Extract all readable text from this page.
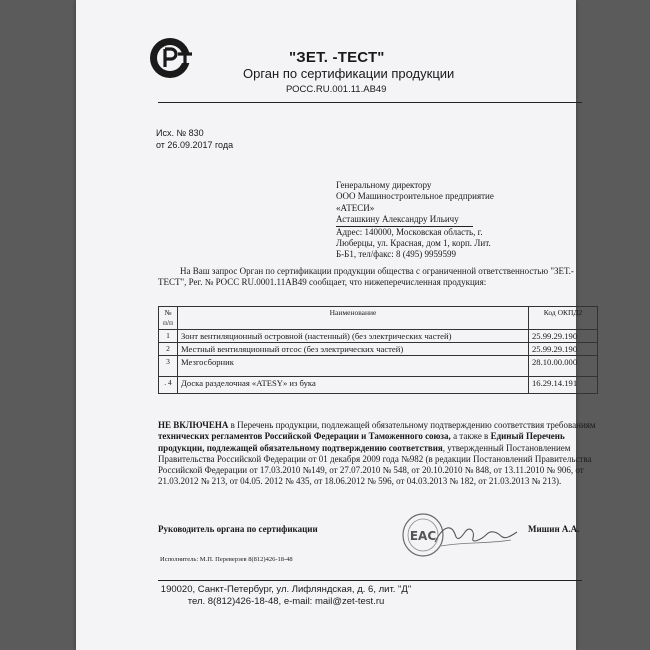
"ЗЕТ. -ТЕСТ"
Орган по сертификации продукции
РОСС.RU.001.11.АВ49
Исх. № 830
от 26.09.2017 года
Генеральному директору
ООО Машиностроительное предприятие
«АТЕСИ»
Асташкину Александру Ильичу
Адрес: 140000, Московская область, г.
Люберцы, ул. Красная, дом 1, корп. Лит.
Б-Б1, тел/факс: 8 (495) 9959599

На Ваш запрос Орган по сертификации продукции общества с ограниченной ответственностью "ЗЕТ.-ТЕСТ", Рег. № РОСС RU.0001.11АВ49 сообщает, что нижеперечисленная продукция:

№ п/п	Наименование	Код ОКПД2
1	Зонт вентиляционный островной (настенный) (без электрических частей)	25.99.29.190
2	Местный вентиляционный отсос (без электрических частей)	25.99.29.190
3	Мезгосборник	28.10.00.000
. 4	Доска разделочная «ATESY» из бука	16.29.14.191
НЕ ВКЛЮЧЕНА в Перечень продукции, подлежащей обязательному подтверждению соответствия требованиям технических регламентов Российской Федерации и Таможенного союза, а также в Единый Перечень продукции, подлежащей обязательному подтверждению соответствия, утвержденный Постановлением Правительства Российской Федерации от 01 декабря 2009 года №982 (в редакции Постановлений Правительства Российской Федерации от 17.03.2010 №149, от 27.07.2010 № 548, от 20.10.2010 № 848, от 13.11.2010 № 906, от 21.03.2012 № 213, от 04.05. 2012 № 435, от 18.06.2012 № 596, от 04.03.2013 № 182, от 21.03.2013 № 213).
Руководитель органа по сертификации	Мишин А.А.
ЕАС
Исполнитель: М.П. Переверзев 8(812)426-18-48
190020, Санкт-Петербург, ул. Лифляндская, д. 6, лит. "Д"
тел. 8(812)426-18-48, e-mail: mail@zet-test.ru
